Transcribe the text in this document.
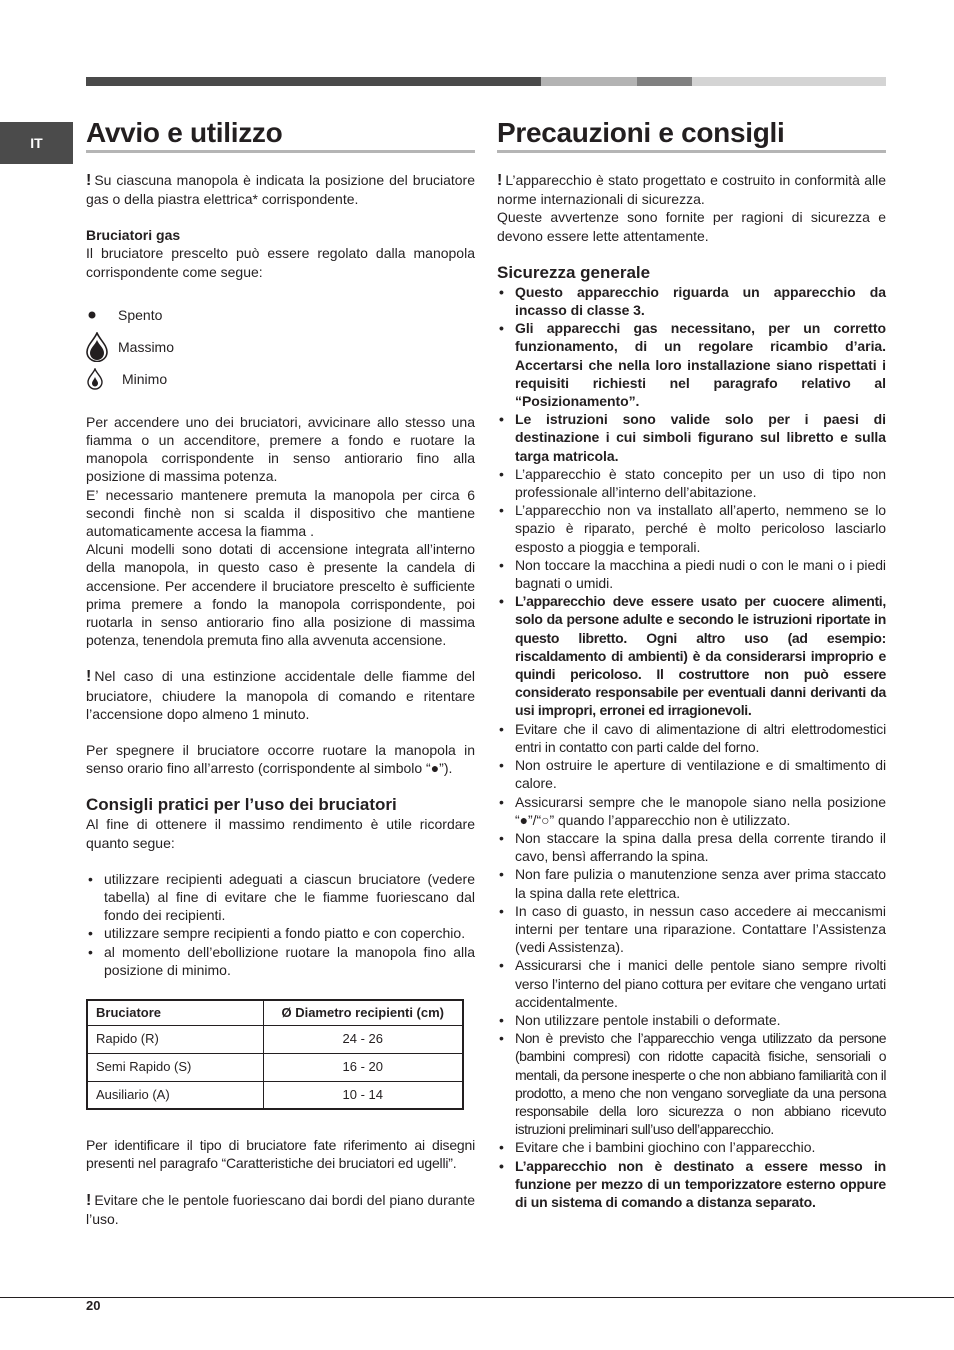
IT	Avvio e utilizzo

! Su ciascuna manopola è indicata la posizione del bruciatore gas o della piastra elettrica* corrispondente.

Bruciatori gas

Il bruciatore prescelto può essere regolato dalla manopola corrispondente come segue:

Spento
Massimo
Minimo

Per accendere uno dei bruciatori, avvicinare allo stesso una fiamma o un accenditore, premere a fondo e ruotare la manopola corrispondente in senso antiorario fino alla posizione di massima potenza.

E’ necessario mantenere premuta la manopola per circa 6 secondi finchè non si scalda il dispositivo che mantiene automaticamente accesa la fiamma .

Alcuni modelli sono dotati di accensione integrata all’interno della manopola, in questo caso è presente la candela di accensione. Per accendere il bruciatore prescelto è sufficiente prima premere a fondo la manopola corrispondente, poi ruotarla in senso antiorario fino alla posizione di massima potenza, tenendola premuta fino alla avvenuta accensione.

! Nel caso di una estinzione accidentale delle fiamme del bruciatore, chiudere la manopola di comando e ritentare l’accensione dopo almeno 1 minuto.

Per spegnere il bruciatore occorre ruotare la manopola in senso orario fino all’arresto (corrispondente al simbolo “●”).

Consigli pratici per l’uso dei bruciatori

Al fine di ottenere il massimo rendimento è utile ricordare quanto segue:

• utilizzare recipienti adeguati a ciascun bruciatore (vedere tabella) al fine di evitare che le fiamme fuoriescano dal fondo dei recipienti.
• utilizzare sempre recipienti a fondo piatto e con coperchio.
• al momento dell’ebollizione ruotare la manopola fino alla posizione di minimo.
Bruciatore	Ø Diametro recipienti (cm)
Rapido (R)	24 - 26
Semi Rapido (S)	16 - 20
Ausiliario (A)	10 - 14

Per identificare il tipo di bruciatore fate riferimento ai disegni presenti nel paragrafo “Caratteristiche dei bruciatori ed ugelli”.

! Evitare che le pentole fuoriescano dai bordi del piano durante l’uso.

Precauzioni e consigli

! L’apparecchio è stato progettato e costruito in conformità alle norme internazionali di sicurezza.

Queste avvertenze sono fornite per ragioni di sicurezza e devono essere lette attentamente.

Sicurezza generale
• Questo apparecchio riguarda un apparecchio da incasso di classe 3.
• Gli apparecchi gas necessitano, per un corretto funzionamento, di un regolare ricambio d’aria. Accertarsi che nella loro installazione siano rispettati i requisiti richiesti nel paragrafo relativo al “Posizionamento”.
• Le istruzioni sono valide solo per i paesi di destinazione i cui simboli figurano sul libretto e sulla targa matricola.
• L’apparecchio è stato concepito per un uso di tipo non professionale all’interno dell’abitazione.
• L’apparecchio non va installato all’aperto, nemmeno se lo spazio è riparato, perché è molto pericoloso lasciarlo esposto a pioggia e temporali.
• Non toccare la macchina a piedi nudi o con le mani o i piedi bagnati o umidi.
• L’apparecchio deve essere usato per cuocere alimenti, solo da persone adulte e secondo le istruzioni riportate in questo libretto. Ogni altro uso (ad esempio: riscaldamento di ambienti) è da considerarsi improprio e quindi pericoloso. Il costruttore non può essere considerato responsabile per eventuali danni derivanti da usi impropri, erronei ed irragionevoli.
• Evitare che il cavo di alimentazione di altri elettrodomestici entri in contatto con parti calde del forno.
• Non ostruire le aperture di ventilazione e di smaltimento di calore.
• Assicurarsi sempre che le manopole siano nella posizione “●”/“○” quando l’apparecchio non è utilizzato.
• Non staccare la spina dalla presa della corrente tirando il cavo, bensì afferrando la spina.
• Non fare pulizia o manutenzione senza aver prima staccato la spina dalla rete elettrica.
• In caso di guasto, in nessun caso accedere ai meccanismi interni per tentare una riparazione. Contattare l’Assistenza (vedi Assistenza).
• Assicurarsi che i manici delle pentole siano sempre rivolti verso l’interno del piano cottura per evitare che vengano urtati accidentalmente.
• Non utilizzare pentole instabili o deformate.
• Non è previsto che l’apparecchio venga utilizzato da persone (bambini compresi) con ridotte capacità fisiche, sensoriali o mentali, da persone inesperte o che non abbiano familiarità con il prodotto, a meno che non vengano sorvegliate da una persona responsabile della loro sicurezza o non abbiano ricevuto istruzioni preliminari sull’uso dell’apparecchio.
• Evitare che i bambini giochino con l’apparecchio.
• L’apparecchio non è destinato a essere messo in funzione per mezzo di un temporizzatore esterno oppure di un sistema di comando a distanza separato.
20
